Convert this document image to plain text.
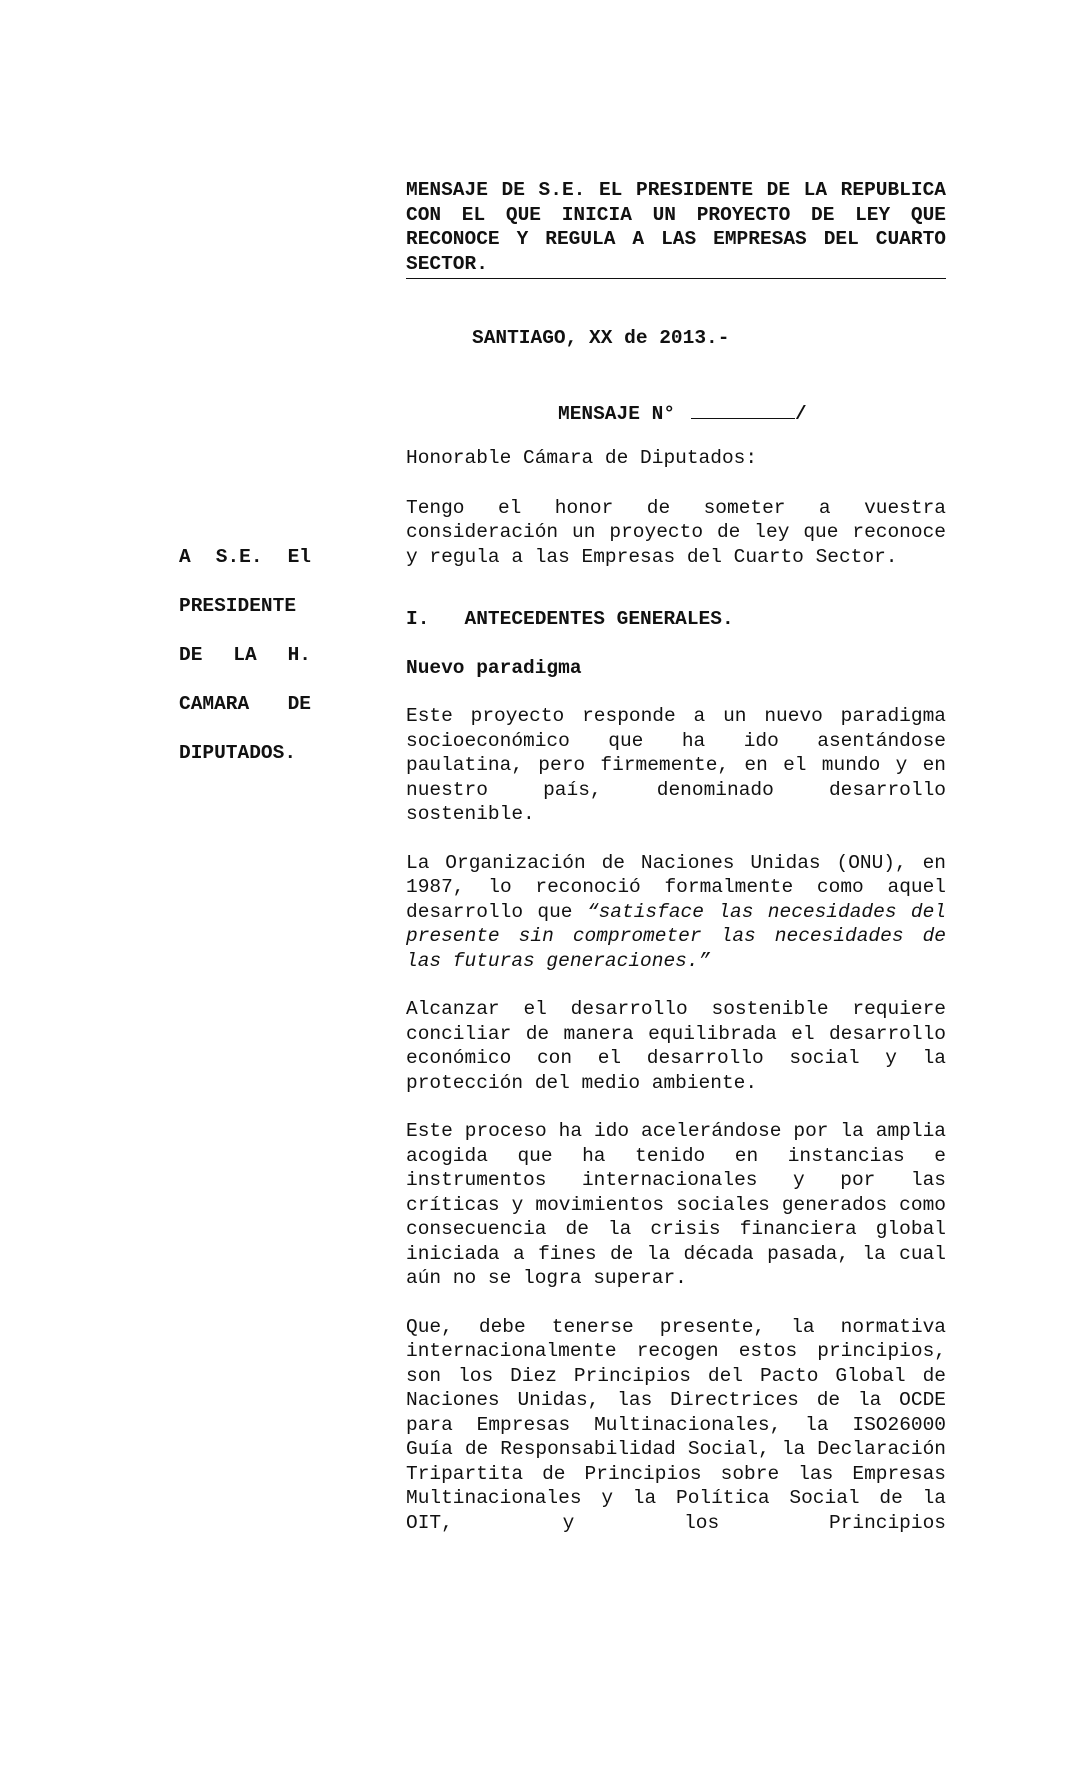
MENSAJE DE S.E. EL PRESIDENTE DE LA REPUBLICA CON EL QUE INICIA UN PROYECTO DE LEY QUE RECONOCE Y REGULA A LAS EMPRESAS DEL CUARTO SECTOR.

SANTIAGO, XX de 2013.-

MENSAJE N°	/

Honorable Cámara de Diputados:

Tengo el honor de someter a vuestra consideración un proyecto de ley que reconoce y regula a las Empresas del Cuarto Sector.

I.   ANTECEDENTES GENERALES.

Nuevo paradigma

Este proyecto responde a un nuevo paradigma socioeconómico que ha ido asentándose paulatina, pero firmemente, en el mundo y en nuestro país, denominado desarrollo sostenible.

La Organización de Naciones Unidas (ONU), en 1987, lo reconoció formalmente como aquel desarrollo que “satisface las necesidades del presente sin comprometer las necesidades de las futuras generaciones.”

Alcanzar el desarrollo sostenible requiere conciliar de manera equilibrada el desarrollo económico con el desarrollo social y la protección del medio ambiente.

Este proceso ha ido acelerándose por la amplia acogida que ha tenido en instancias e instrumentos internacionales y por las críticas y movimientos sociales generados como consecuencia de la crisis financiera global iniciada a fines de la década pasada, la cual aún no se logra superar.

Que, debe tenerse presente, la normativa internacionalmente recogen estos principios, son los Diez Principios del Pacto Global de Naciones Unidas, las Directrices de la OCDE para Empresas Multinacionales, la ISO26000 Guía de Responsabilidad Social, la Declaración Tripartita de Principios sobre las Empresas Multinacionales y la Política Social de la OIT, y los Principios

A S.E. El
PRESIDENTE
DE LA H.
CAMARA DE
DIPUTADOS.
